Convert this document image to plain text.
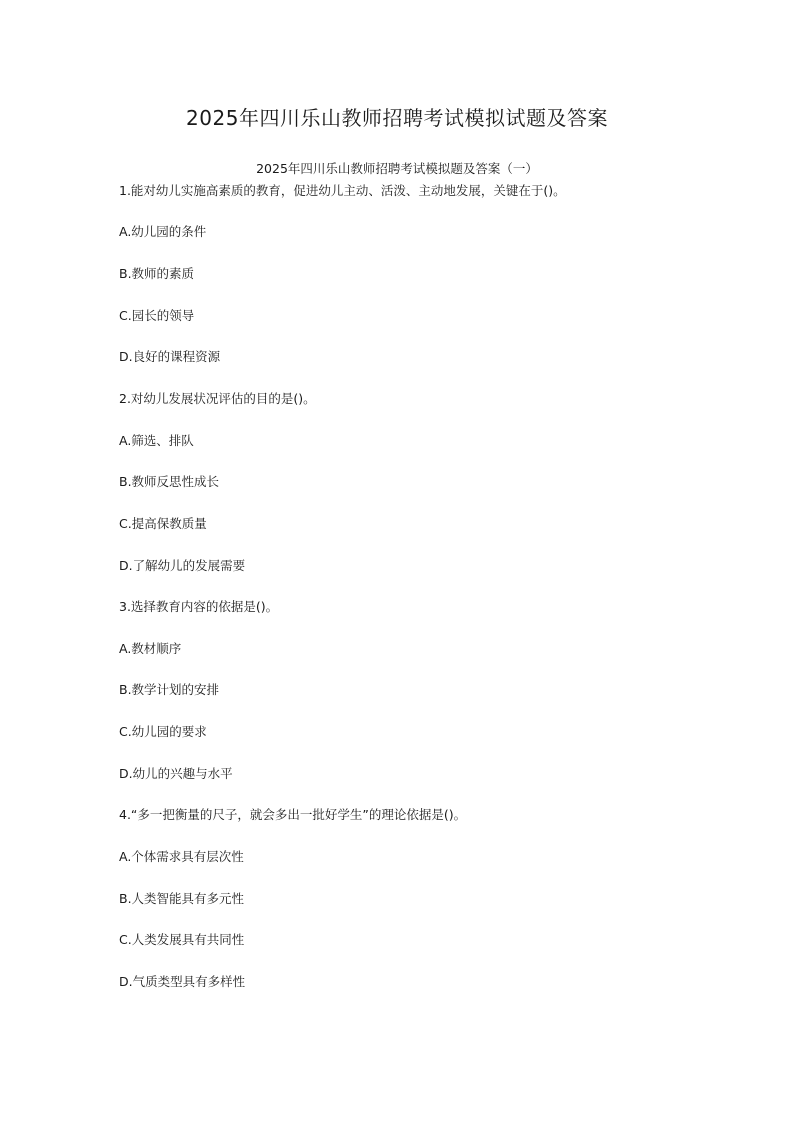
2025年四川乐山教师招聘考试模拟试题及答案
2025年四川乐山教师招聘考试模拟题及答案（一）
1.能对幼儿实施高素质的教育，促进幼儿主动、活泼、主动地发展，关键在于()。
A.幼儿园的条件
B.教师的素质
C.园长的领导
D.良好的课程资源
2.对幼儿发展状况评估的目的是()。
A.筛选、排队
B.教师反思性成长
C.提高保教质量
D.了解幼儿的发展需要
3.选择教育内容的依据是()。
A.教材顺序
B.教学计划的安排
C.幼儿园的要求
D.幼儿的兴趣与水平
4.“多一把衡量的尺子，就会多出一批好学生”的理论依据是()。
A.个体需求具有层次性
B.人类智能具有多元性
C.人类发展具有共同性
D.气质类型具有多样性
